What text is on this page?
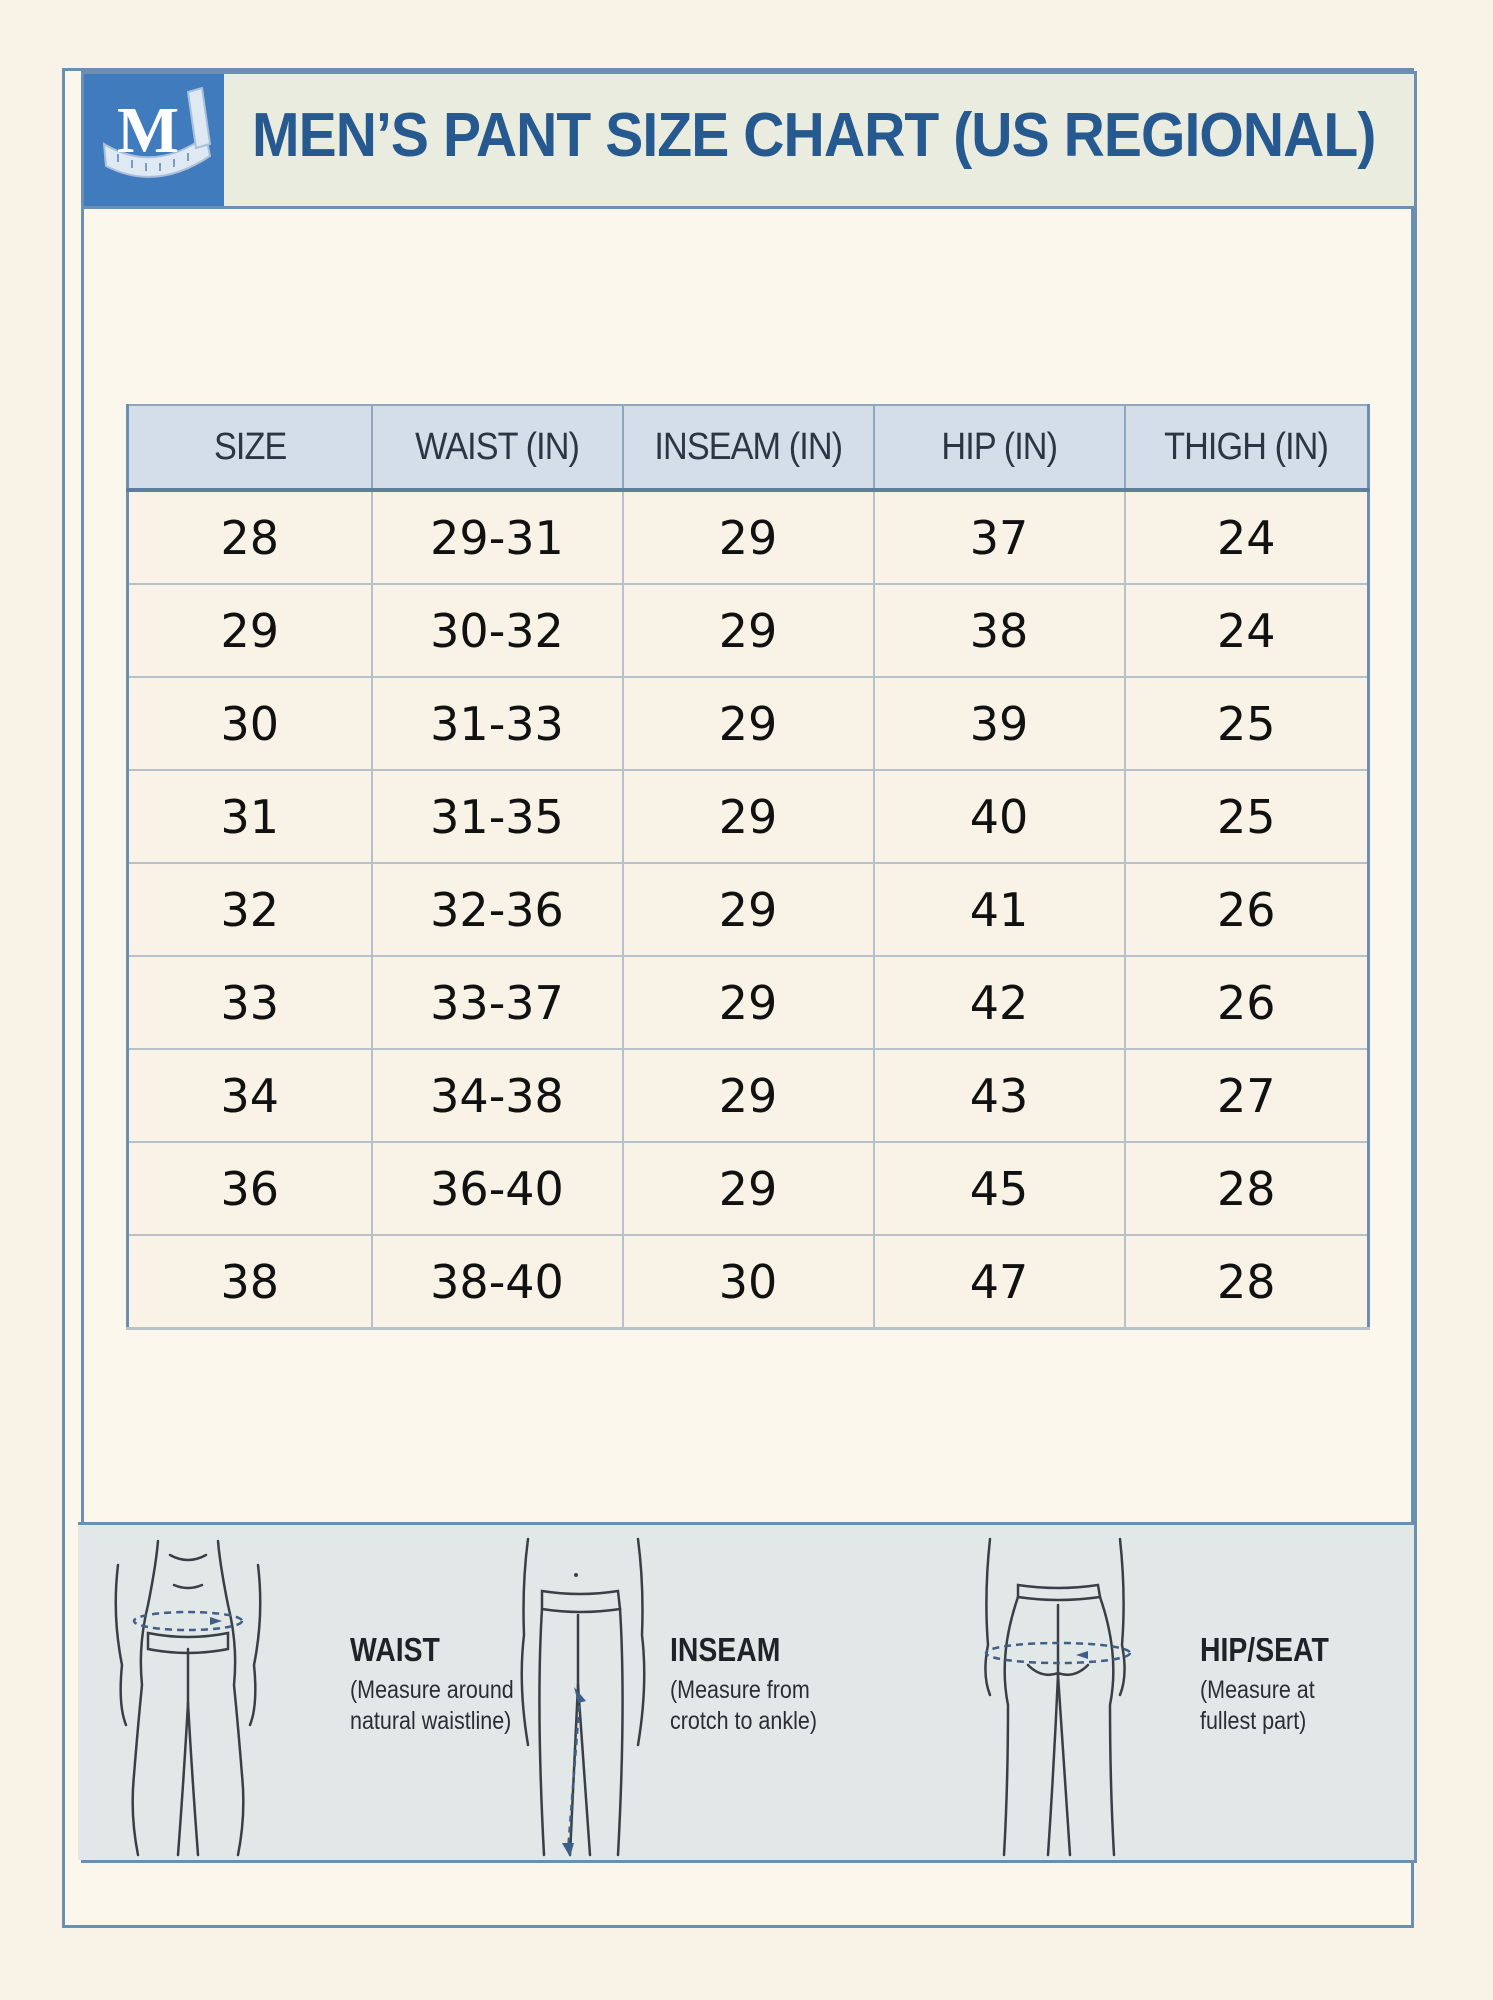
M MEN’S PANT SIZE CHART (US REGIONAL)
SIZE	WAIST (IN)	INSEAM (IN)	HIP (IN)	THIGH (IN)
28	29-31	29	37	24
29	30-32	29	38	24
30	31-33	29	39	25
31	31-35	29	40	25
32	32-36	29	41	26
33	33-37	29	42	26
34	34-38	29	43	27
36	36-40	29	45	28
38	38-40	30	47	28
WAIST
(Measure around
natural waistline)
INSEAM
(Measure from
crotch to ankle)
HIP/SEAT
(Measure at
fullest part)
